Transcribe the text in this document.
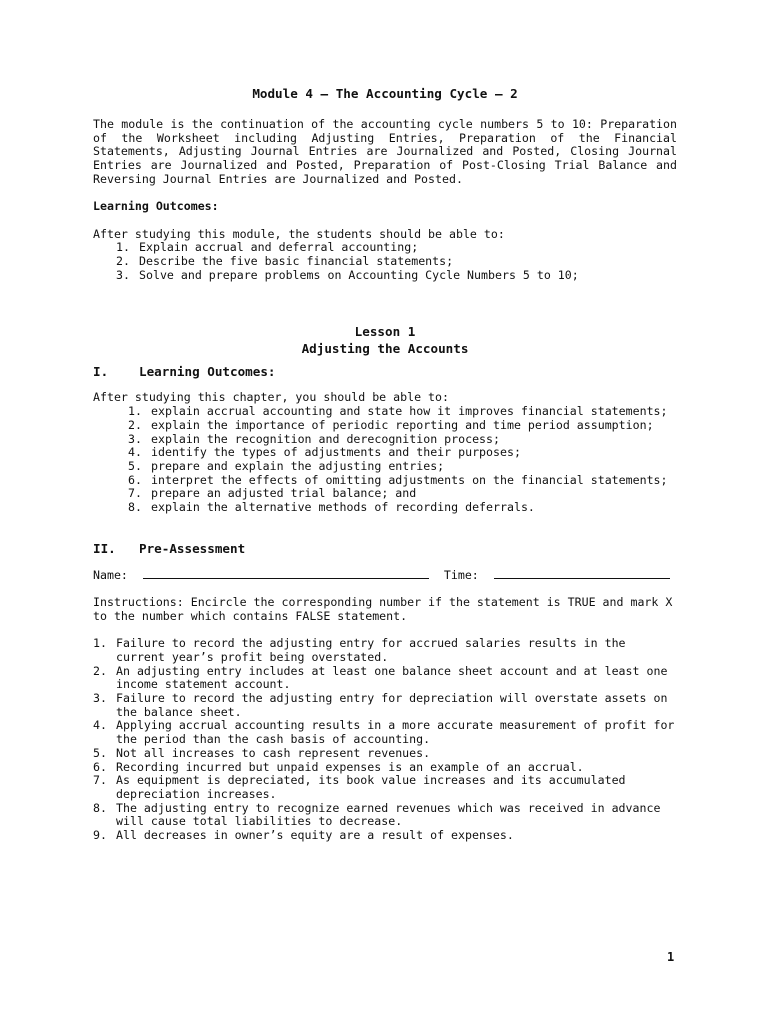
Module 4 – The Accounting Cycle – 2

The module is the continuation of the accounting cycle numbers 5 to 10: Preparation of the Worksheet including Adjusting Entries, Preparation of the Financial Statements, Adjusting Journal Entries are Journalized and Posted, Closing Journal Entries are Journalized and Posted, Preparation of Post-Closing Trial Balance and Reversing Journal Entries are Journalized and Posted.

Learning Outcomes:

After studying this module, the students should be able to:

1. Explain accrual and deferral accounting;
2. Describe the five basic financial statements;
3. Solve and prepare problems on Accounting Cycle Numbers 5 to 10;
Lesson 1
Adjusting the Accounts
I.	Learning Outcomes:

After studying this chapter, you should be able to:

1. explain accrual accounting and state how it improves financial statements;
2. explain the importance of periodic reporting and time period assumption;
3. explain the recognition and derecognition process;
4. identify the types of adjustments and their purposes;
5. prepare and explain the adjusting entries;
6. interpret the effects of omitting adjustments on the financial statements;
7. prepare an adjusted trial balance; and
8. explain the alternative methods of recording deferrals.
II.	Pre-Assessment
Name:	Time:

Instructions: Encircle the corresponding number if the statement is TRUE and mark X to the number which contains FALSE statement.

1. Failure to record the adjusting entry for accrued salaries results in the current year’s profit being overstated.
2. An adjusting entry includes at least one balance sheet account and at least one income statement account.
3. Failure to record the adjusting entry for depreciation will overstate assets on the balance sheet.
4. Applying accrual accounting results in a more accurate measurement of profit for the period than the cash basis of accounting.
5. Not all increases to cash represent revenues.
6. Recording incurred but unpaid expenses is an example of an accrual.
7. As equipment is depreciated, its book value increases and its accumulated depreciation increases.
8. The adjusting entry to recognize earned revenues which was received in advance will cause total liabilities to decrease.
9. All decreases in owner’s equity are a result of expenses.
1
